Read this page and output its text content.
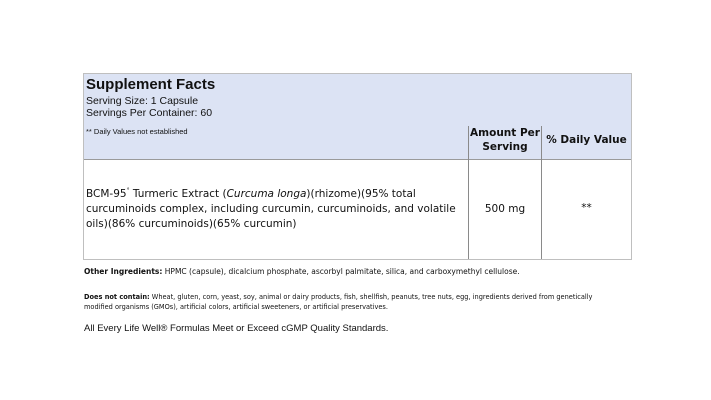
Supplement Facts
Serving Size: 1 Capsule
Servings Per Container: 60
** Daily Values not established	Amount Per
Serving
% Daily Value
BCM-95° Turmeric Extract (Curcuma longa)(rhizome)(95% total curcuminoids complex, including curcumin, curcuminoids, and volatile oils)(86% curcuminoids)(65% curcumin)
500 mg	**
Other Ingredients: HPMC (capsule), dicalcium phosphate, ascorbyl palmitate, silica, and carboxymethyl cellulose.
Does not contain: Wheat, gluten, corn, yeast, soy, animal or dairy products, fish, shellfish, peanuts, tree nuts, egg, ingredients derived from genetically modified organisms (GMOs), artificial colors, artificial sweeteners, or artificial preservatives.
All Every Life Well® Formulas Meet or Exceed cGMP Quality Standards.
